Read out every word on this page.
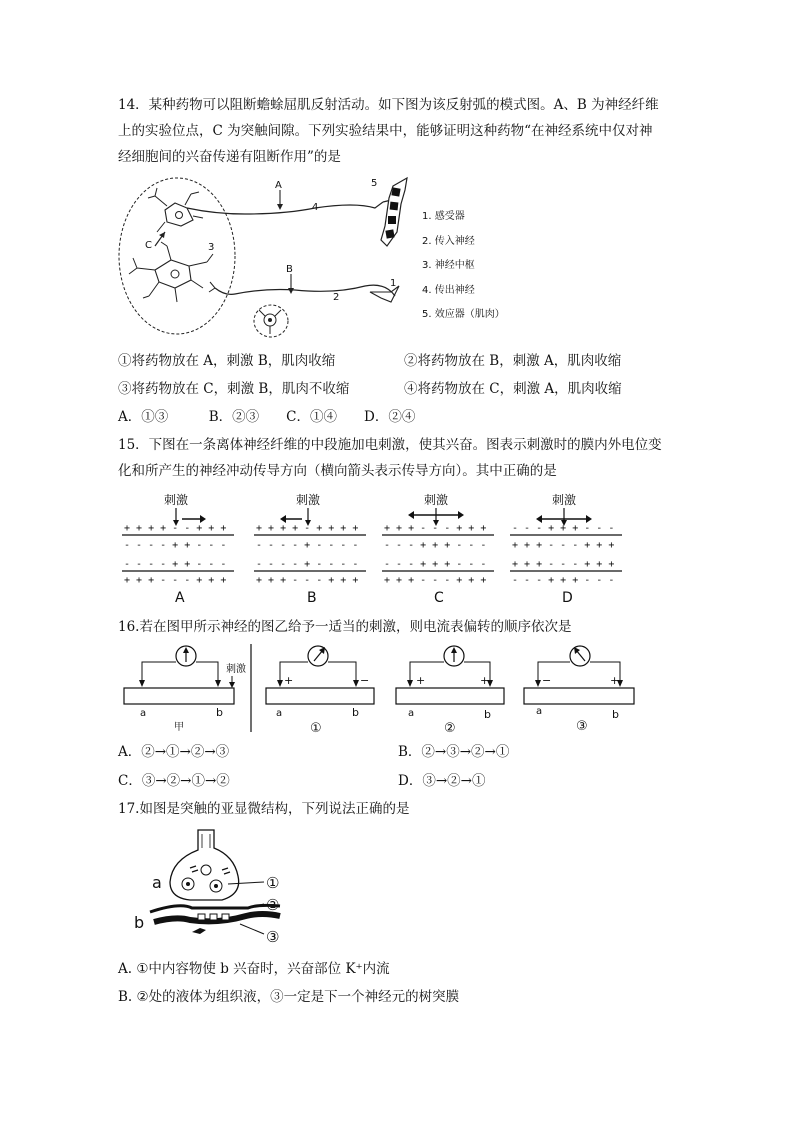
14．某种药物可以阻断蟾蜍屈肌反射活动。如下图为该反射弧的模式图。A、B 为神经纤维
上的实验位点，C 为突触间隙。下列实验结果中，能够证明这种药物“在神经系统中仅对神
经细胞间的兴奋传递有阻断作用”的是
A
B
C	3
4
2
1
5
1. 感受器
2. 传入神经
3. 神经中枢
4. 传出神经
5. 效应器（肌肉）
①将药物放在 A，刺激 B，肌肉收缩	②将药物放在 B，刺激 A，肌肉收缩
③将药物放在 C，刺激 B，肌肉不收缩	④将药物放在 C，刺激 A，肌肉收缩
A．①③　　　B．②③　　C．①④　　D．②④
15．下图在一条离体神经纤维的中段施加电刺激，使其兴奋。图表示刺激时的膜内外电位变
化和所产生的神经冲动传导方向（横向箭头表示传导方向）。其中正确的是
刺激
+ + + + - - + + +
- - - - + + - - -
- - - - + + - - -
+ + + - - - + + +
A
刺激
+ + + + - + + + +
- - - - + - - - -
- - - - + - - - -
+ + + - - - + + +
B
刺激
+ + + - - - + + +
- - - + + + - - -
- - - + + + - - -
+ + + - - - + + +
C
刺激
- - - + + + - - -
+ + + - - - + + +
+ + + - - - + + +
- - - + + + - - -
D
16.若在图甲所示神经的图乙给予一适当的刺激，则电流表偏转的顺序依次是
刺激
a	b
甲
+	−
a	b
①
+	+
a	b
②
−	+
a	b
③
A．②→①→②→③	B．②→③→②→①
C．③→②→①→②	D．③→②→①
17.如图是突触的亚显微结构，下列说法正确的是
a
b
①
②
③
A. ①中内容物使 b 兴奋时，兴奋部位 K⁺内流
B. ②处的液体为组织液，③一定是下一个神经元的树突膜
